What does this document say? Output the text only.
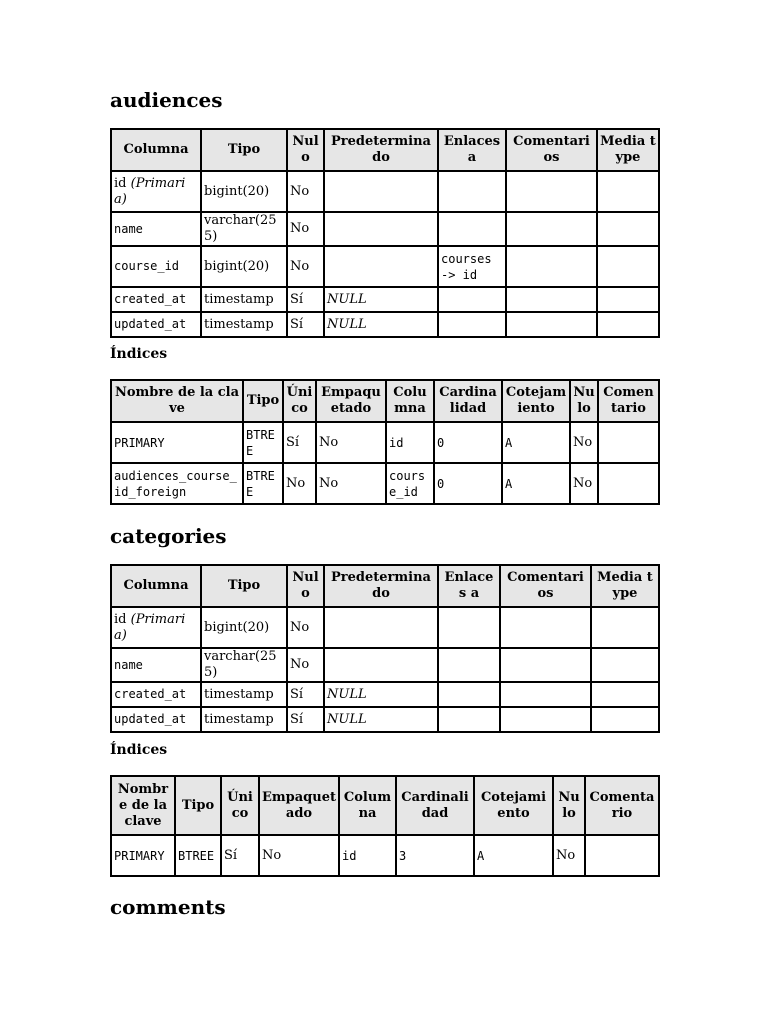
audiences
Columna	Tipo	Nulo	Predeterminado	Enlaces a	Comentarios	Media type
id (Primaria)	bigint(20)	No				
name	varchar(255)	No				
course_id	bigint(20)	No		courses -> id		
created_at	timestamp	Sí	NULL			
updated_at	timestamp	Sí	NULL			
Índices
Nombre de la clave	Tipo	Único	Empaquetado	Columna	Cardinalidad	Cotejamiento	Nulo	Comentario
PRIMARY	BTREE	Sí	No	id	0	A	No	
audiences_course_id_foreign	BTREE	No	No	course_id	0	A	No	
categories
Columna	Tipo	Nulo	Predeterminado	Enlaces a	Comentarios	Media type
id (Primaria)	bigint(20)	No				
name	varchar(255)	No				
created_at	timestamp	Sí	NULL			
updated_at	timestamp	Sí	NULL			
Índices
Nombre de la clave	Tipo	Único	Empaquetado	Columna	Cardinalidad	Cotejamiento	Nulo	Comentario
PRIMARY	BTREE	Sí	No	id	3	A	No	
comments
